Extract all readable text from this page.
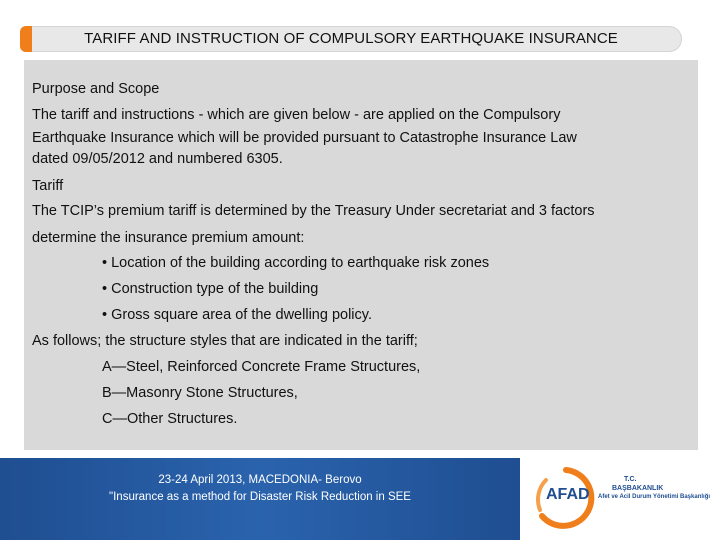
TARIFF AND INSTRUCTION OF COMPULSORY EARTHQUAKE INSURANCE
Purpose and Scope
The tariff and instructions - which are given below - are applied on the Compulsory
Earthquake Insurance which will be provided pursuant to Catastrophe Insurance Law
dated 09/05/2012 and numbered 6305.
Tariff
The TCIP’s premium tariff is determined by the Treasury Under secretariat and 3 factors
determine the insurance premium amount:
• Location of the building according to earthquake risk zones
• Construction type of the building
• Gross square area of the dwelling policy.
As follows; the structure styles that are indicated in the tariff;
A—Steel, Reinforced Concrete Frame Structures,
B—Masonry Stone Structures,
C—Other Structures.
23-24 April 2013, MACEDONIA- Berovo
"Insurance as a method for Disaster Risk Reduction in SEE	AFAD
T.C.
BAŞBAKANLIK
Afet ve Acil Durum Yönetimi Başkanlığı
